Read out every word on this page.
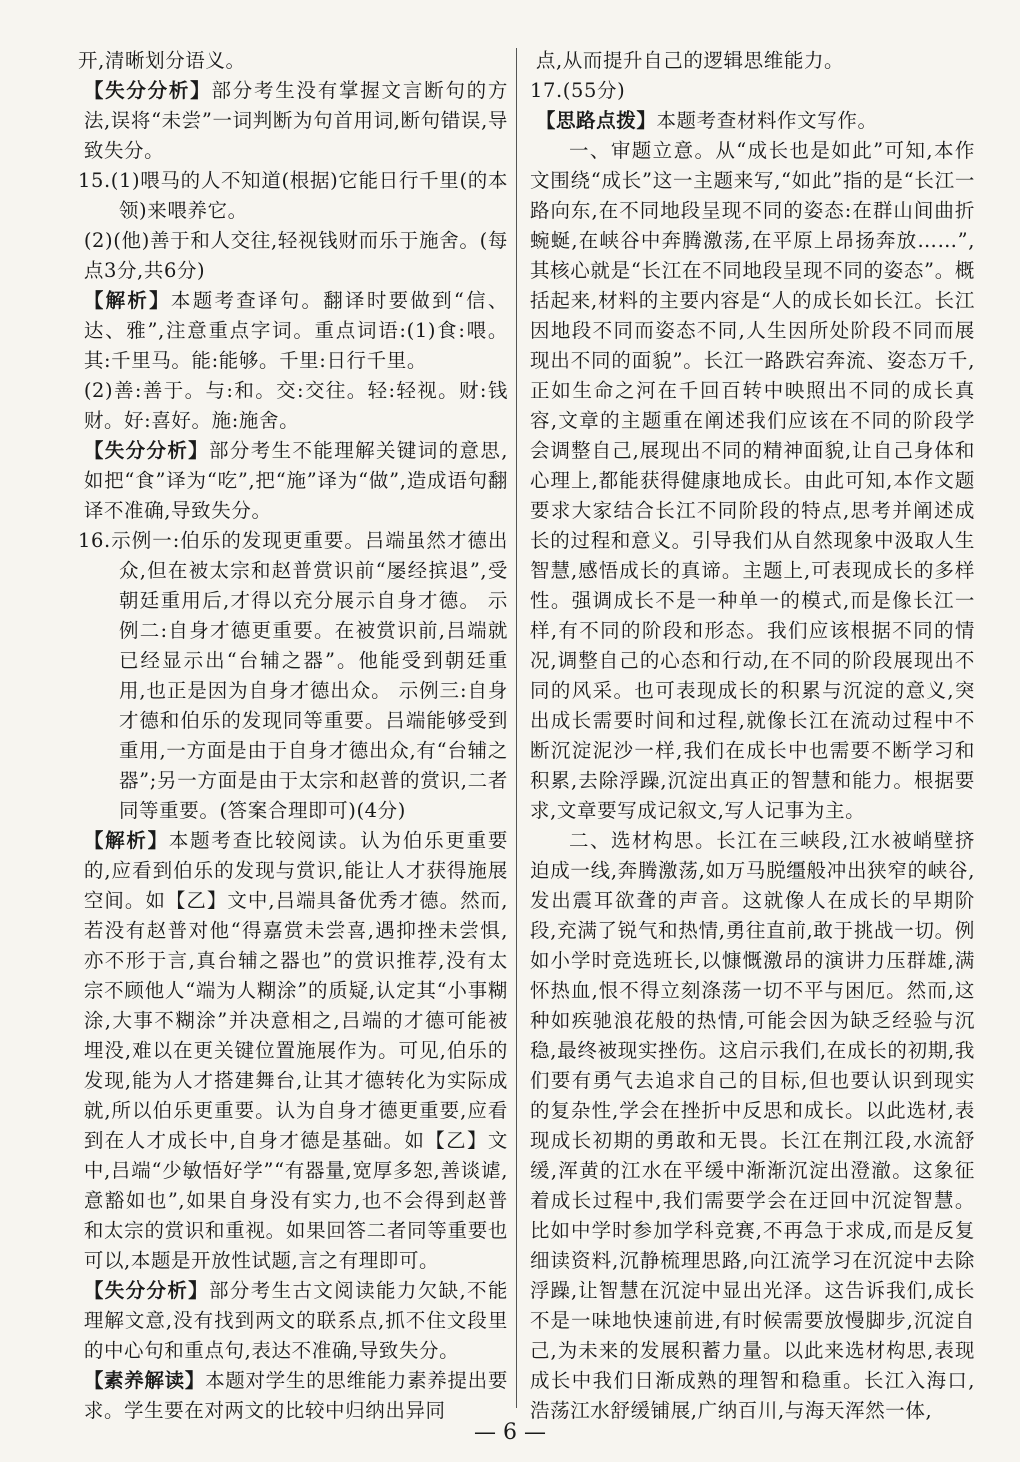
开,清晰划分语义。

【失分分析】部分考生没有掌握文言断句的方法,误将“未尝”一词判断为句首用词,断句错误,导致失分。

15.(1)喂马的人不知道(根据)它能日行千里(的本领)来喂养它。

(2)(他)善于和人交往,轻视钱财而乐于施舍。(每点3分,共6分)

【解析】本题考查译句。翻译时要做到“信、达、雅”,注意重点字词。重点词语:(1)食:喂。其:千里马。能:能够。千里:日行千里。

(2)善:善于。与:和。交:交往。轻:轻视。财:钱财。好:喜好。施:施舍。

【失分分析】部分考生不能理解关键词的意思,如把“食”译为“吃”,把“施”译为“做”,造成语句翻译不准确,导致失分。

16.示例一:伯乐的发现更重要。吕端虽然才德出众,但在被太宗和赵普赏识前“屡经摈退”,受朝廷重用后,才得以充分展示自身才德。 示例二:自身才德更重要。在被赏识前,吕端就已经显示出“台辅之器”。他能受到朝廷重用,也正是因为自身才德出众。 示例三:自身才德和伯乐的发现同等重要。吕端能够受到重用,一方面是由于自身才德出众,有“台辅之器”;另一方面是由于太宗和赵普的赏识,二者同等重要。(答案合理即可)(4分)

【解析】本题考查比较阅读。认为伯乐更重要的,应看到伯乐的发现与赏识,能让人才获得施展空间。如【乙】文中,吕端具备优秀才德。然而,若没有赵普对他“得嘉赏未尝喜,遇抑挫未尝惧,亦不形于言,真台辅之器也”的赏识推荐,没有太宗不顾他人“端为人糊涂”的质疑,认定其“小事糊涂,大事不糊涂”并决意相之,吕端的才德可能被埋没,难以在更关键位置施展作为。可见,伯乐的发现,能为人才搭建舞台,让其才德转化为实际成就,所以伯乐更重要。认为自身才德更重要,应看到在人才成长中,自身才德是基础。如【乙】文中,吕端“少敏悟好学”“有器量,宽厚多恕,善谈谑,意豁如也”,如果自身没有实力,也不会得到赵普和太宗的赏识和重视。如果回答二者同等重要也可以,本题是开放性试题,言之有理即可。

【失分分析】部分考生古文阅读能力欠缺,不能理解文意,没有找到两文的联系点,抓不住文段里的中心句和重点句,表达不准确,导致失分。

【素养解读】本题对学生的思维能力素养提出要求。学生要在对两文的比较中归纳出异同

点,从而提升自己的逻辑思维能力。

17.(55分)

【思路点拨】本题考查材料作文写作。

一、审题立意。从“成长也是如此”可知,本作文围绕“成长”这一主题来写,“如此”指的是“长江一路向东,在不同地段呈现不同的姿态:在群山间曲折蜿蜒,在峡谷中奔腾激荡,在平原上昂扬奔放……”,其核心就是“长江在不同地段呈现不同的姿态”。概括起来,材料的主要内容是“人的成长如长江。长江因地段不同而姿态不同,人生因所处阶段不同而展现出不同的面貌”。长江一路跌宕奔流、姿态万千,正如生命之河在千回百转中映照出不同的成长真容,文章的主题重在阐述我们应该在不同的阶段学会调整自己,展现出不同的精神面貌,让自己身体和心理上,都能获得健康地成长。由此可知,本作文题要求大家结合长江不同阶段的特点,思考并阐述成长的过程和意义。引导我们从自然现象中汲取人生智慧,感悟成长的真谛。主题上,可表现成长的多样性。强调成长不是一种单一的模式,而是像长江一样,有不同的阶段和形态。我们应该根据不同的情况,调整自己的心态和行动,在不同的阶段展现出不同的风采。也可表现成长的积累与沉淀的意义,突出成长需要时间和过程,就像长江在流动过程中不断沉淀泥沙一样,我们在成长中也需要不断学习和积累,去除浮躁,沉淀出真正的智慧和能力。根据要求,文章要写成记叙文,写人记事为主。

二、选材构思。长江在三峡段,江水被峭壁挤迫成一线,奔腾激荡,如万马脱缰般冲出狭窄的峡谷,发出震耳欲聋的声音。这就像人在成长的早期阶段,充满了锐气和热情,勇往直前,敢于挑战一切。例如小学时竞选班长,以慷慨激昂的演讲力压群雄,满怀热血,恨不得立刻涤荡一切不平与困厄。然而,这种如疾驰浪花般的热情,可能会因为缺乏经验与沉稳,最终被现实挫伤。这启示我们,在成长的初期,我们要有勇气去追求自己的目标,但也要认识到现实的复杂性,学会在挫折中反思和成长。以此选材,表现成长初期的勇敢和无畏。长江在荆江段,水流舒缓,浑黄的江水在平缓中渐渐沉淀出澄澈。这象征着成长过程中,我们需要学会在迂回中沉淀智慧。比如中学时参加学科竞赛,不再急于求成,而是反复细读资料,沉静梳理思路,向江流学习在沉淀中去除浮躁,让智慧在沉淀中显出光泽。这告诉我们,成长不是一味地快速前进,有时候需要放慢脚步,沉淀自己,为未来的发展积蓄力量。以此来选材构思,表现成长中我们日渐成熟的理智和稳重。长江入海口,浩荡江水舒缓铺展,广纳百川,与海天浑然一体,

— 6 —
